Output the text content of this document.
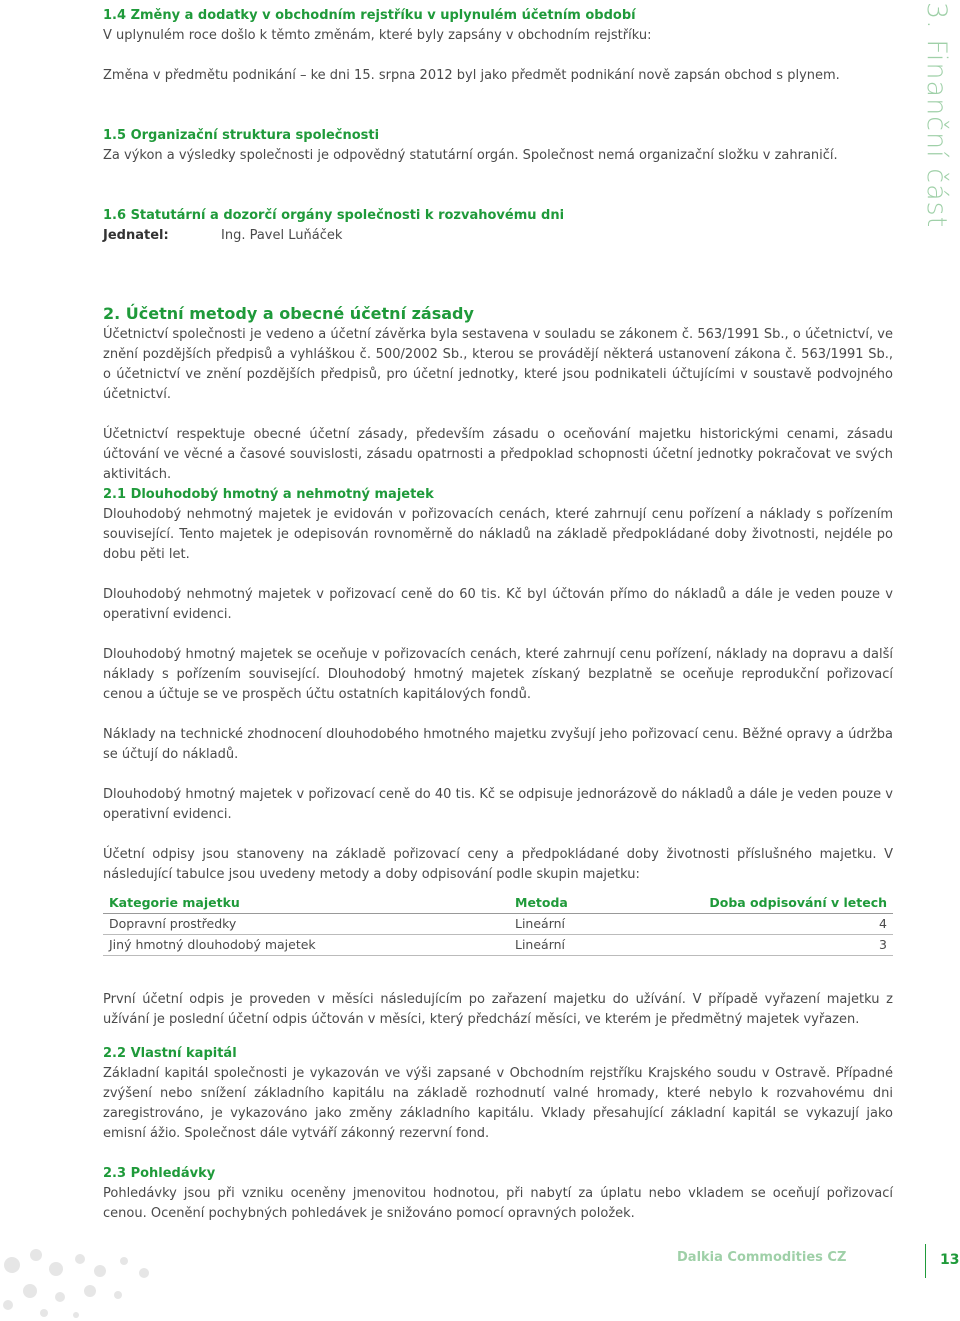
3. Finanční část
1.4 Změny a dodatky v obchodním rejstříku v uplynulém účetním období

V uplynulém roce došlo k těmto změnám, které byly zapsány v obchodním rejstříku:

Změna v předmětu podnikání – ke dni 15. srpna 2012 byl jako předmět podnikání nově zapsán obchod s plynem.

1.5 Organizační struktura společnosti

Za výkon a výsledky společnosti je odpovědný statutární orgán. Společnost nemá organizační složku v zahraničí.

1.6 Statutární a dozorčí orgány společnosti k rozvahovému dni
Jednatel:	Ing. Pavel Luňáček
2. Účetní metody a obecné účetní zásady

Účetnictví společnosti je vedeno a účetní závěrka byla sestavena v souladu se zákonem č. 563/1991 Sb., o účetnictví, ve znění pozdějších předpisů a vyhláškou č. 500/2002 Sb., kterou se provádějí některá ustanovení zákona č. 563/1991 Sb., o účetnictví ve znění pozdějších předpisů, pro účetní jednotky, které jsou podnikateli účtujícími v soustavě podvojného účetnictví.

Účetnictví respektuje obecné účetní zásady, především zásadu o oceňování majetku historickými cenami, zásadu účtování ve věcné a časové souvislosti, zásadu opatrnosti a předpoklad schopnosti účetní jednotky pokračovat ve svých aktivitách.

2.1 Dlouhodobý hmotný a nehmotný majetek

Dlouhodobý nehmotný majetek je evidován v pořizovacích cenách, které zahrnují cenu pořízení a náklady s pořízením související. Tento majetek je odepisován rovnoměrně do nákladů na základě předpokládané doby životnosti, nejdéle po dobu pěti let.

Dlouhodobý nehmotný majetek v pořizovací ceně do 60 tis. Kč byl účtován přímo do nákladů a dále je veden pouze v operativní evidenci.

Dlouhodobý hmotný majetek se oceňuje v pořizovacích cenách, které zahrnují cenu pořízení, náklady na dopravu a další náklady s pořízením související. Dlouhodobý hmotný majetek získaný bezplatně se oceňuje reprodukční pořizovací cenou a účtuje se ve prospěch účtu ostatních kapitálových fondů.

Náklady na technické zhodnocení dlouhodobého hmotného majetku zvyšují jeho pořizovací cenu. Běžné opravy a údržba se účtují do nákladů.

Dlouhodobý hmotný majetek v pořizovací ceně do 40 tis. Kč se odpisuje jednorázově do nákladů a dále je veden pouze v operativní evidenci.

Účetní odpisy jsou stanoveny na základě pořizovací ceny a předpokládané doby životnosti příslušného majetku. V následující tabulce jsou uvedeny metody a doby odpisování podle skupin majetku:

Kategorie majetku	Metoda	Doba odpisování v letech
Dopravní prostředky	Lineární	4
Jiný hmotný dlouhodobý majetek	Lineární	3

První účetní odpis je proveden v měsíci následujícím po zařazení majetku do užívání. V případě vyřazení majetku z užívání je poslední účetní odpis účtován v měsíci, který předchází měsíci, ve kterém je předmětný majetek vyřazen.

2.2 Vlastní kapitál

Základní kapitál společnosti je vykazován ve výši zapsané v Obchodním rejstříku Krajského soudu v Ostravě. Případné zvýšení nebo snížení základního kapitálu na základě rozhodnutí valné hromady, které nebylo k rozvahovému dni zaregistrováno, je vykazováno jako změny základního kapitálu. Vklady přesahující základní kapitál se vykazují jako emisní ážio. Společnost dále vytváří zákonný rezervní fond.

2.3 Pohledávky

Pohledávky jsou při vzniku oceněny jmenovitou hodnotou, při nabytí za úplatu nebo vkladem se oceňují pořizovací cenou. Ocenění pochybných pohledávek je snižováno pomocí opravných položek.

Dalkia Commodities CZ	13
